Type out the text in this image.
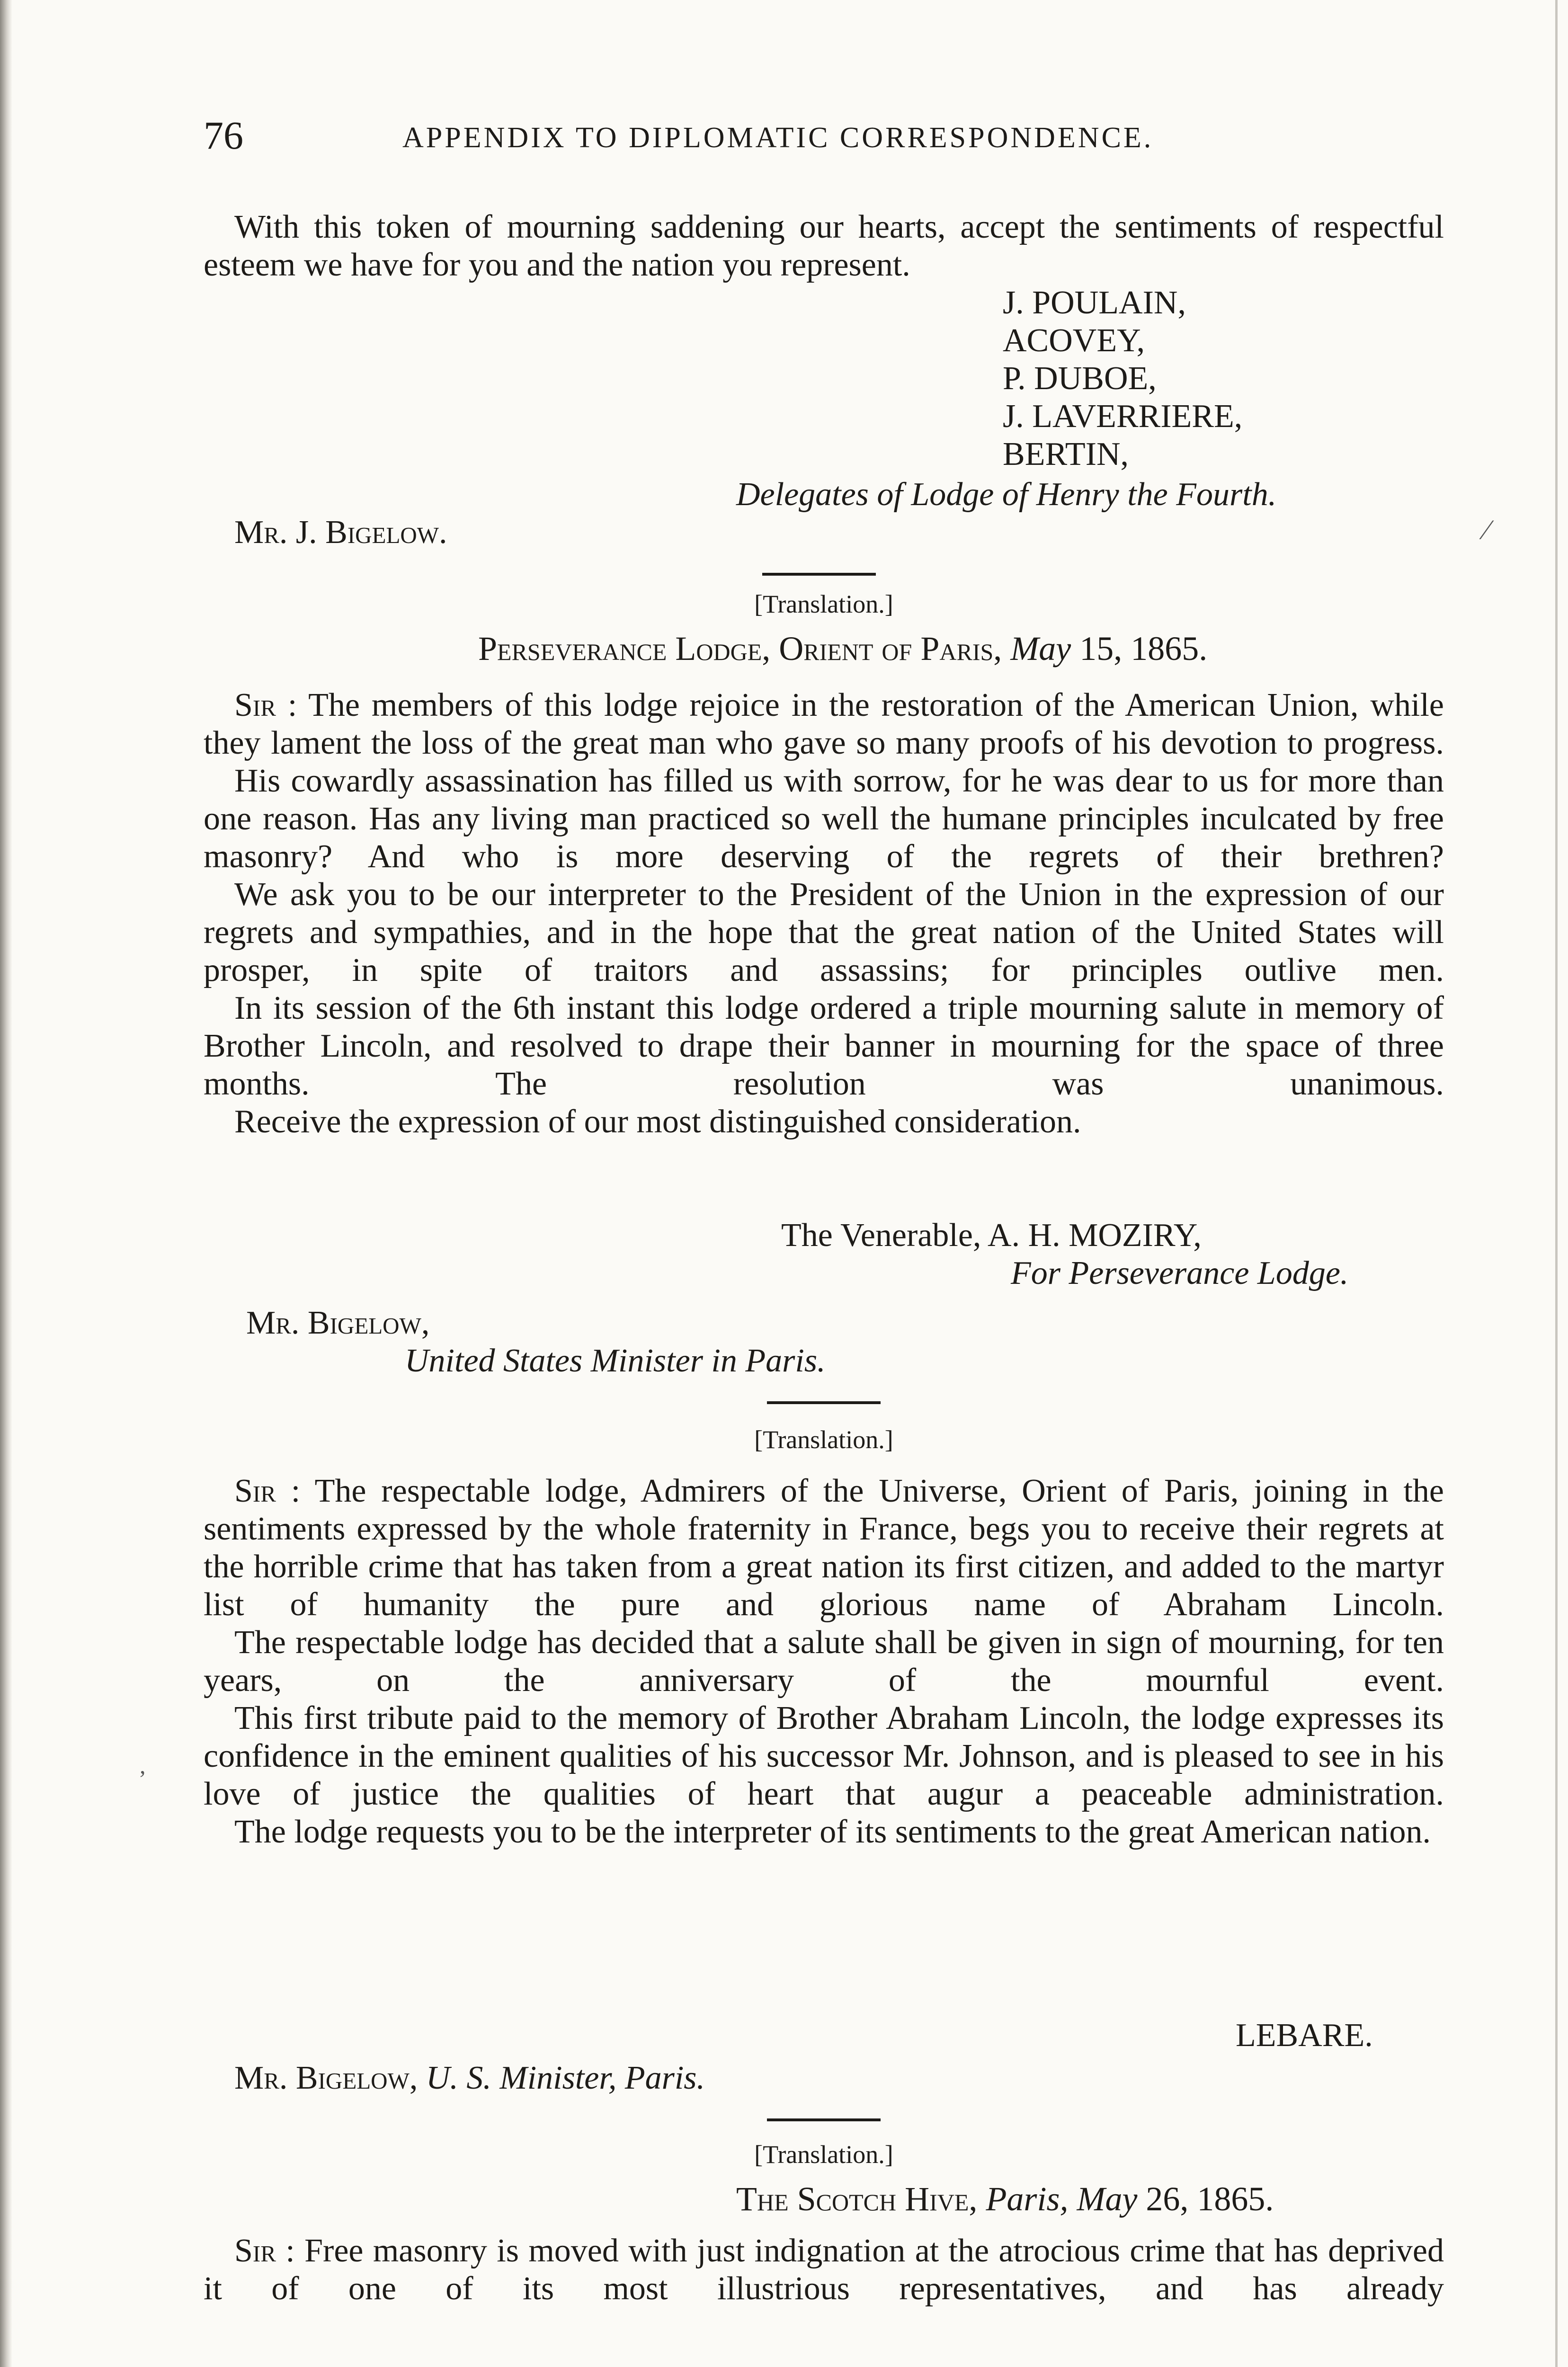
76	APPENDIX TO DIPLOMATIC CORRESPONDENCE.

With this token of mourning saddening our hearts, accept the sentiments of respectful esteem we have for you and the nation you represent.

J. POULAIN,

ACOVEY,

P. DUBOE,

J. LAVERRIERE,

BERTIN,

Delegates of Lodge of Henry the Fourth.
Mr. J. Bigelow.
[Translation.]
Perseverance Lodge, Orient of Paris, May 15, 1865.

Sir : The members of this lodge rejoice in the restoration of the American Union, while they lament the loss of the great man who gave so many proofs of his devotion to progress.

His cowardly assassination has filled us with sorrow, for he was dear to us for more than one reason. Has any living man practiced so well the humane principles inculcated by free masonry? And who is more deserving of the regrets of their brethren?

We ask you to be our interpreter to the President of the Union in the expression of our regrets and sympathies, and in the hope that the great nation of the United States will prosper, in spite of traitors and assassins; for principles outlive men.

In its session of the 6th instant this lodge ordered a triple mourning salute in memory of Brother Lincoln, and resolved to drape their banner in mourning for the space of three months. The resolution was unanimous.

Receive the expression of our most distinguished consideration.

The Venerable, A. H. MOZIRY,
For Perseverance Lodge.
Mr. Bigelow,
United States Minister in Paris.
[Translation.]

Sir : The respectable lodge, Admirers of the Universe, Orient of Paris, joining in the sentiments expressed by the whole fraternity in France, begs you to receive their regrets at the horrible crime that has taken from a great nation its first citizen, and added to the martyr list of humanity the pure and glorious name of Abraham Lincoln.

The respectable lodge has decided that a salute shall be given in sign of mourning, for ten years, on the anniversary of the mournful event.

This first tribute paid to the memory of Brother Abraham Lincoln, the lodge expresses its confidence in the eminent qualities of his successor Mr. Johnson, and is pleased to see in his love of justice the qualities of heart that augur a peaceable administration.

The lodge requests you to be the interpreter of its sentiments to the great American nation.

LEBARE.
Mr. Bigelow, U. S. Minister, Paris.
[Translation.]
The Scotch Hive, Paris, May 26, 1865.

Sir : Free masonry is moved with just indignation at the atrocious crime that has deprived it of one of its most illustrious representatives, and has already

⁄
,
